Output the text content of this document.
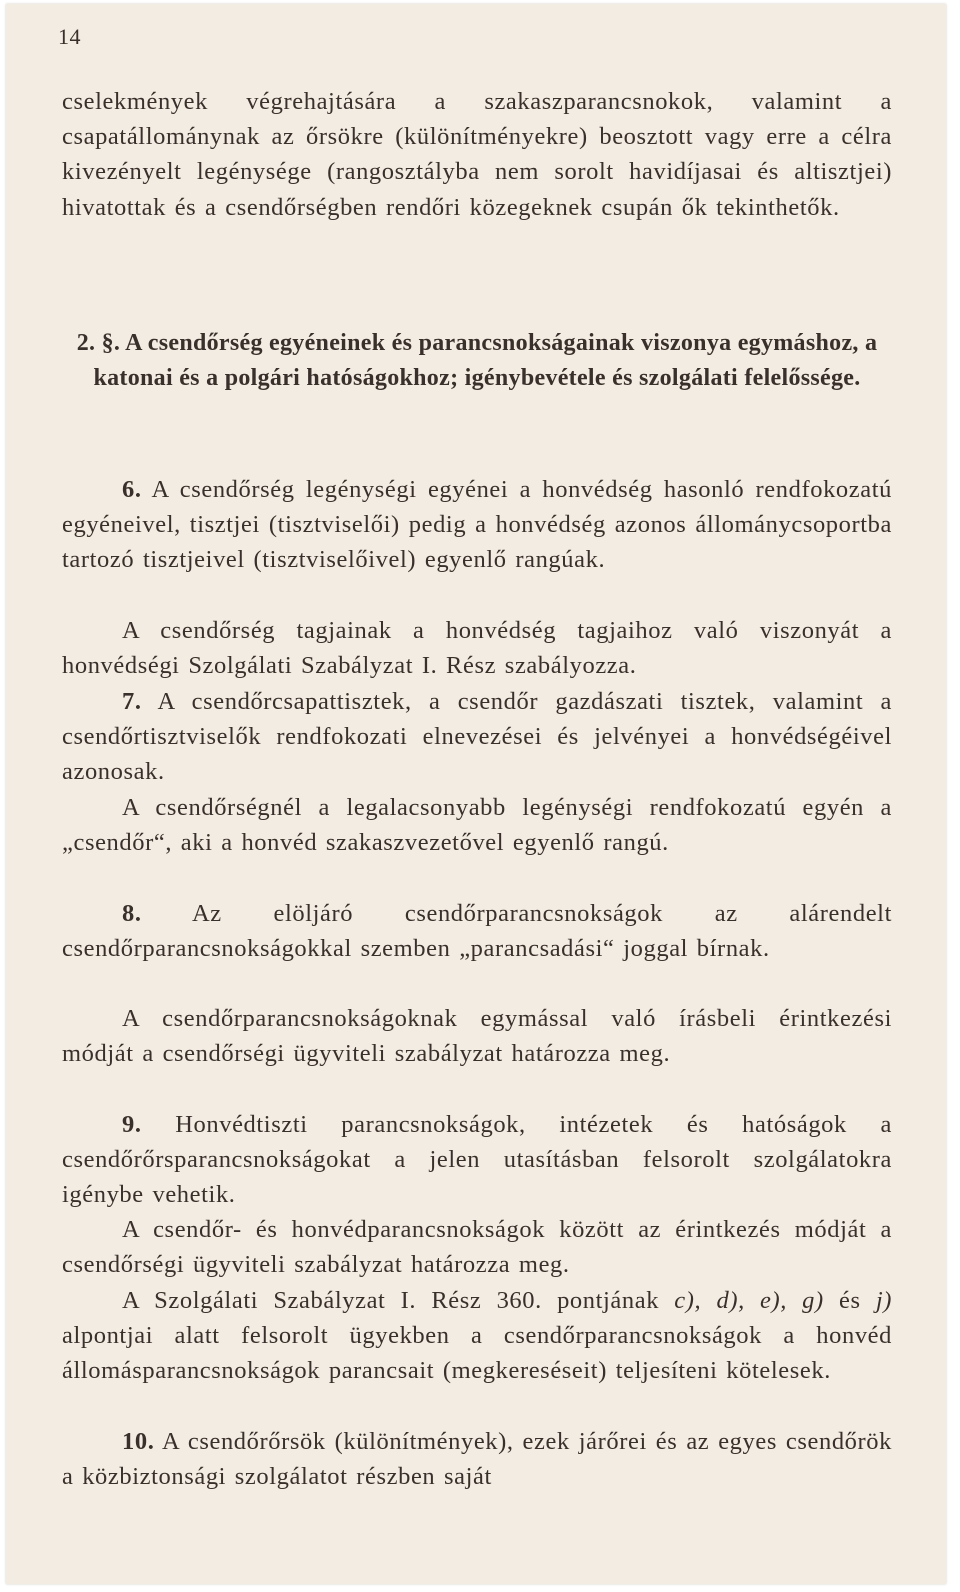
14

cselekmények végrehajtására a szakaszparancsnokok, valamint a csapatállománynak az őrsökre (különítményekre) beosztott vagy erre a célra kivezényelt legénysége (rangosztályba nem sorolt havidíjasai és altisztjei) hivatottak és a csendőrségben rendőri közegeknek csupán ők tekinthetők.

2. §. A csendőrség egyéneinek és parancsnokságainak viszonya egymáshoz, a katonai és a polgári hatóságokhoz; igénybevétele és szolgálati felelőssége.

6. A csendőrség legénységi egyénei a honvédség hasonló rendfokozatú egyéneivel, tisztjei (tisztviselői) pedig a honvédség azonos állománycsoportba tartozó tisztjeivel (tisztviselőivel) egyenlő rangúak.

A csendőrség tagjainak a honvédség tagjaihoz való viszonyát a honvédségi Szolgálati Szabályzat I. Rész szabályozza.

7. A csendőrcsapattisztek, a csendőr gazdászati tisztek, valamint a csendőrtisztviselők rendfokozati elnevezései és jelvényei a honvédségéivel azonosak.

A csendőrségnél a legalacsonyabb legénységi rendfokozatú egyén a „csendőr“, aki a honvéd szakaszvezetővel egyenlő rangú.

8. Az elöljáró csendőrparancsnokságok az alárendelt csendőrparancsnokságokkal szemben „parancsadási“ joggal bírnak.

A csendőrparancsnokságoknak egymással való írásbeli érintkezési módját a csendőrségi ügyviteli szabályzat határozza meg.

9. Honvédtiszti parancsnokságok, intézetek és hatóságok a csendőrőrsparancsnokságokat a jelen utasításban felsorolt szolgálatokra igénybe vehetik.

A csendőr- és honvédparancsnokságok között az érintkezés módját a csendőrségi ügyviteli szabályzat határozza meg.

A Szolgálati Szabályzat I. Rész 360. pontjának c), d), e), g) és j) alpontjai alatt felsorolt ügyekben a csendőrparancsnokságok a honvéd állomásparancsnokságok parancsait (megkereséseit) teljesíteni kötelesek.

10. A csendőrőrsök (különítmények), ezek járőrei és az egyes csendőrök a közbiztonsági szolgálatot részben saját
